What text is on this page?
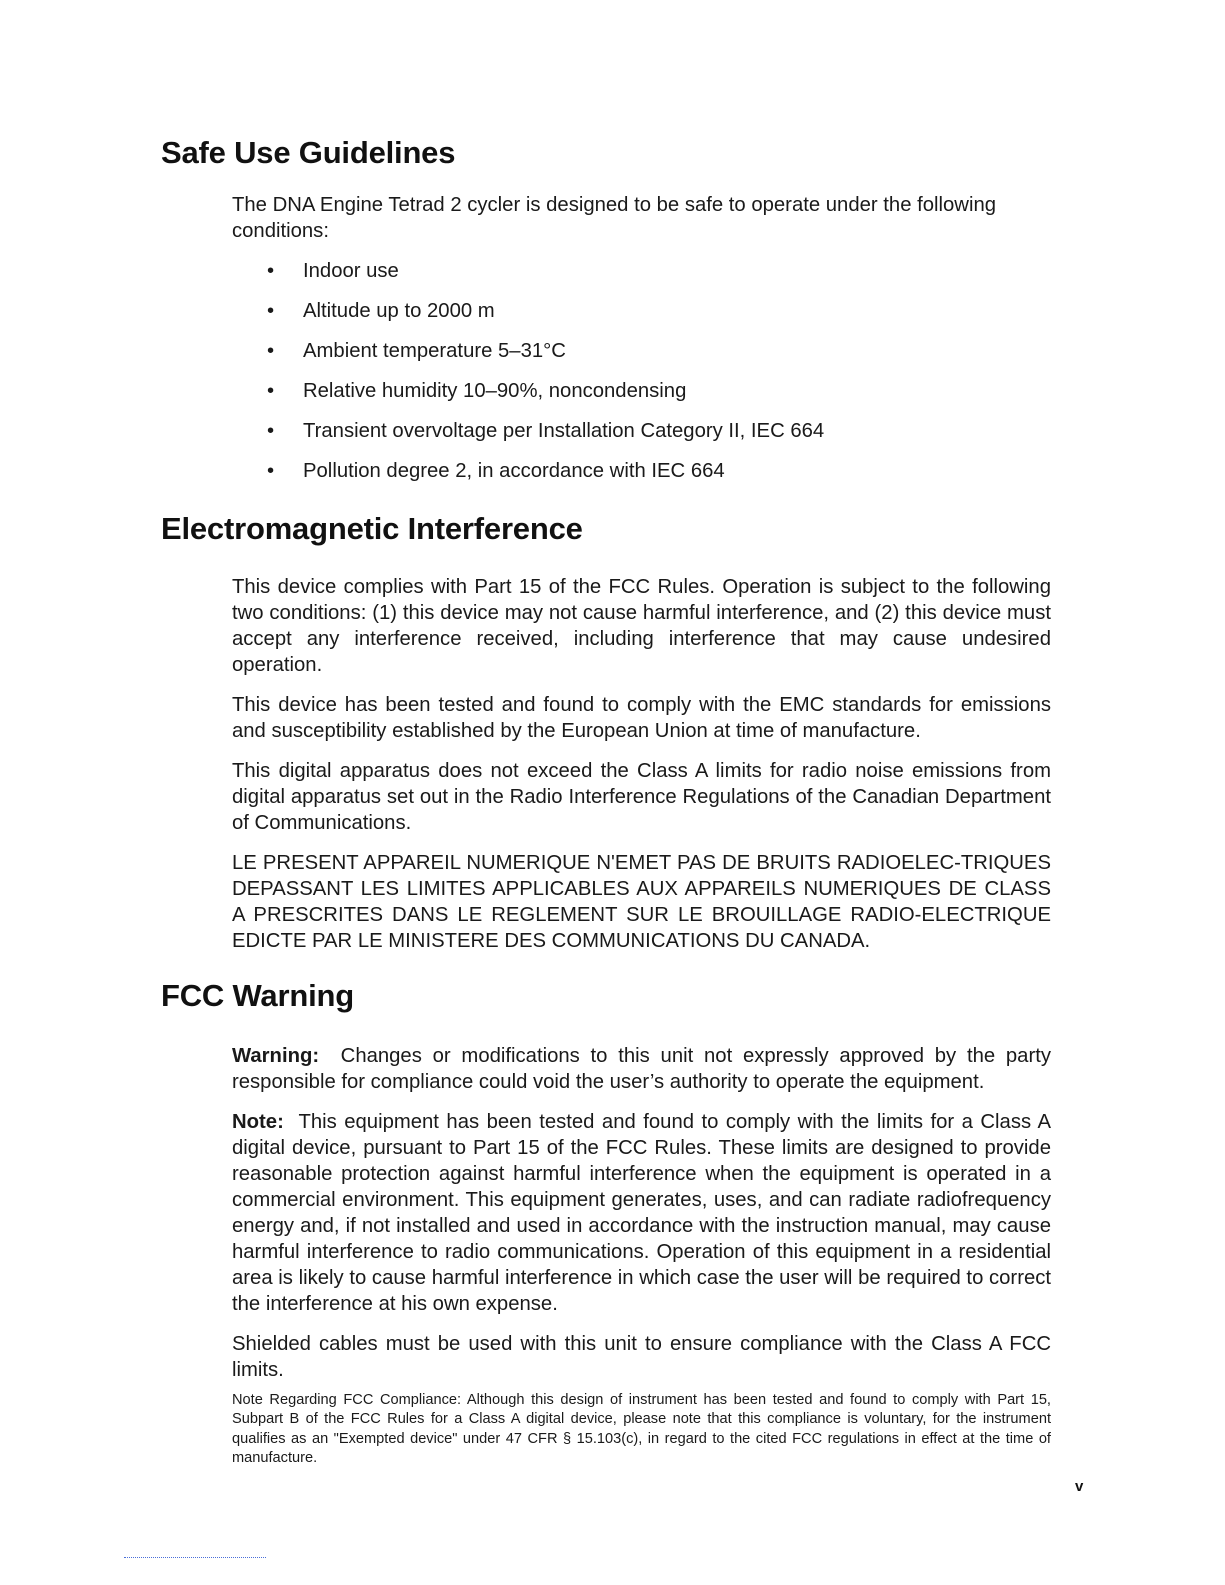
Safe Use Guidelines

The DNA Engine Tetrad 2 cycler is designed to be safe to operate under the following conditions:

• Indoor use
• Altitude up to 2000 m
• Ambient temperature 5–31°C
• Relative humidity 10–90%, noncondensing
• Transient overvoltage per Installation Category II, IEC 664
• Pollution degree 2, in accordance with IEC 664
Electromagnetic Interference

This device complies with Part 15 of the FCC Rules. Operation is subject to the following two conditions: (1) this device may not cause harmful interference, and (2) this device must accept any interference received, including interference that may cause undesired operation.

This device has been tested and found to comply with the EMC standards for emissions and susceptibility established by the European Union at time of manufacture.

This digital apparatus does not exceed the Class A limits for radio noise emissions from digital apparatus set out in the Radio Interference Regulations of the Canadian Department of Communications.

LE PRESENT APPAREIL NUMERIQUE N'EMET PAS DE BRUITS RADIOELEC-TRIQUES DEPASSANT LES LIMITES APPLICABLES AUX APPAREILS NUMERIQUES DE CLASS A PRESCRITES DANS LE REGLEMENT SUR LE BROUILLAGE RADIO-ELECTRIQUE EDICTE PAR LE MINISTERE DES COMMUNICATIONS DU CANADA.

FCC Warning

Warning: Changes or modifications to this unit not expressly approved by the party responsible for compliance could void the user’s authority to operate the equipment.

Note: This equipment has been tested and found to comply with the limits for a Class A digital device, pursuant to Part 15 of the FCC Rules. These limits are designed to provide reasonable protection against harmful interference when the equipment is operated in a commercial environment. This equipment generates, uses, and can radiate radiofrequency energy and, if not installed and used in accordance with the instruction manual, may cause harmful interference to radio communications. Operation of this equipment in a residential area is likely to cause harmful interference in which case the user will be required to correct the interference at his own expense.

Shielded cables must be used with this unit to ensure compliance with the Class A FCC limits.

Note Regarding FCC Compliance: Although this design of instrument has been tested and found to comply with Part 15, Subpart B of the FCC Rules for a Class A digital device, please note that this compliance is voluntary, for the instrument qualifies as an "Exempted device" under 47 CFR § 15.103(c), in regard to the cited FCC regulations in effect at the time of manufacture.

v
